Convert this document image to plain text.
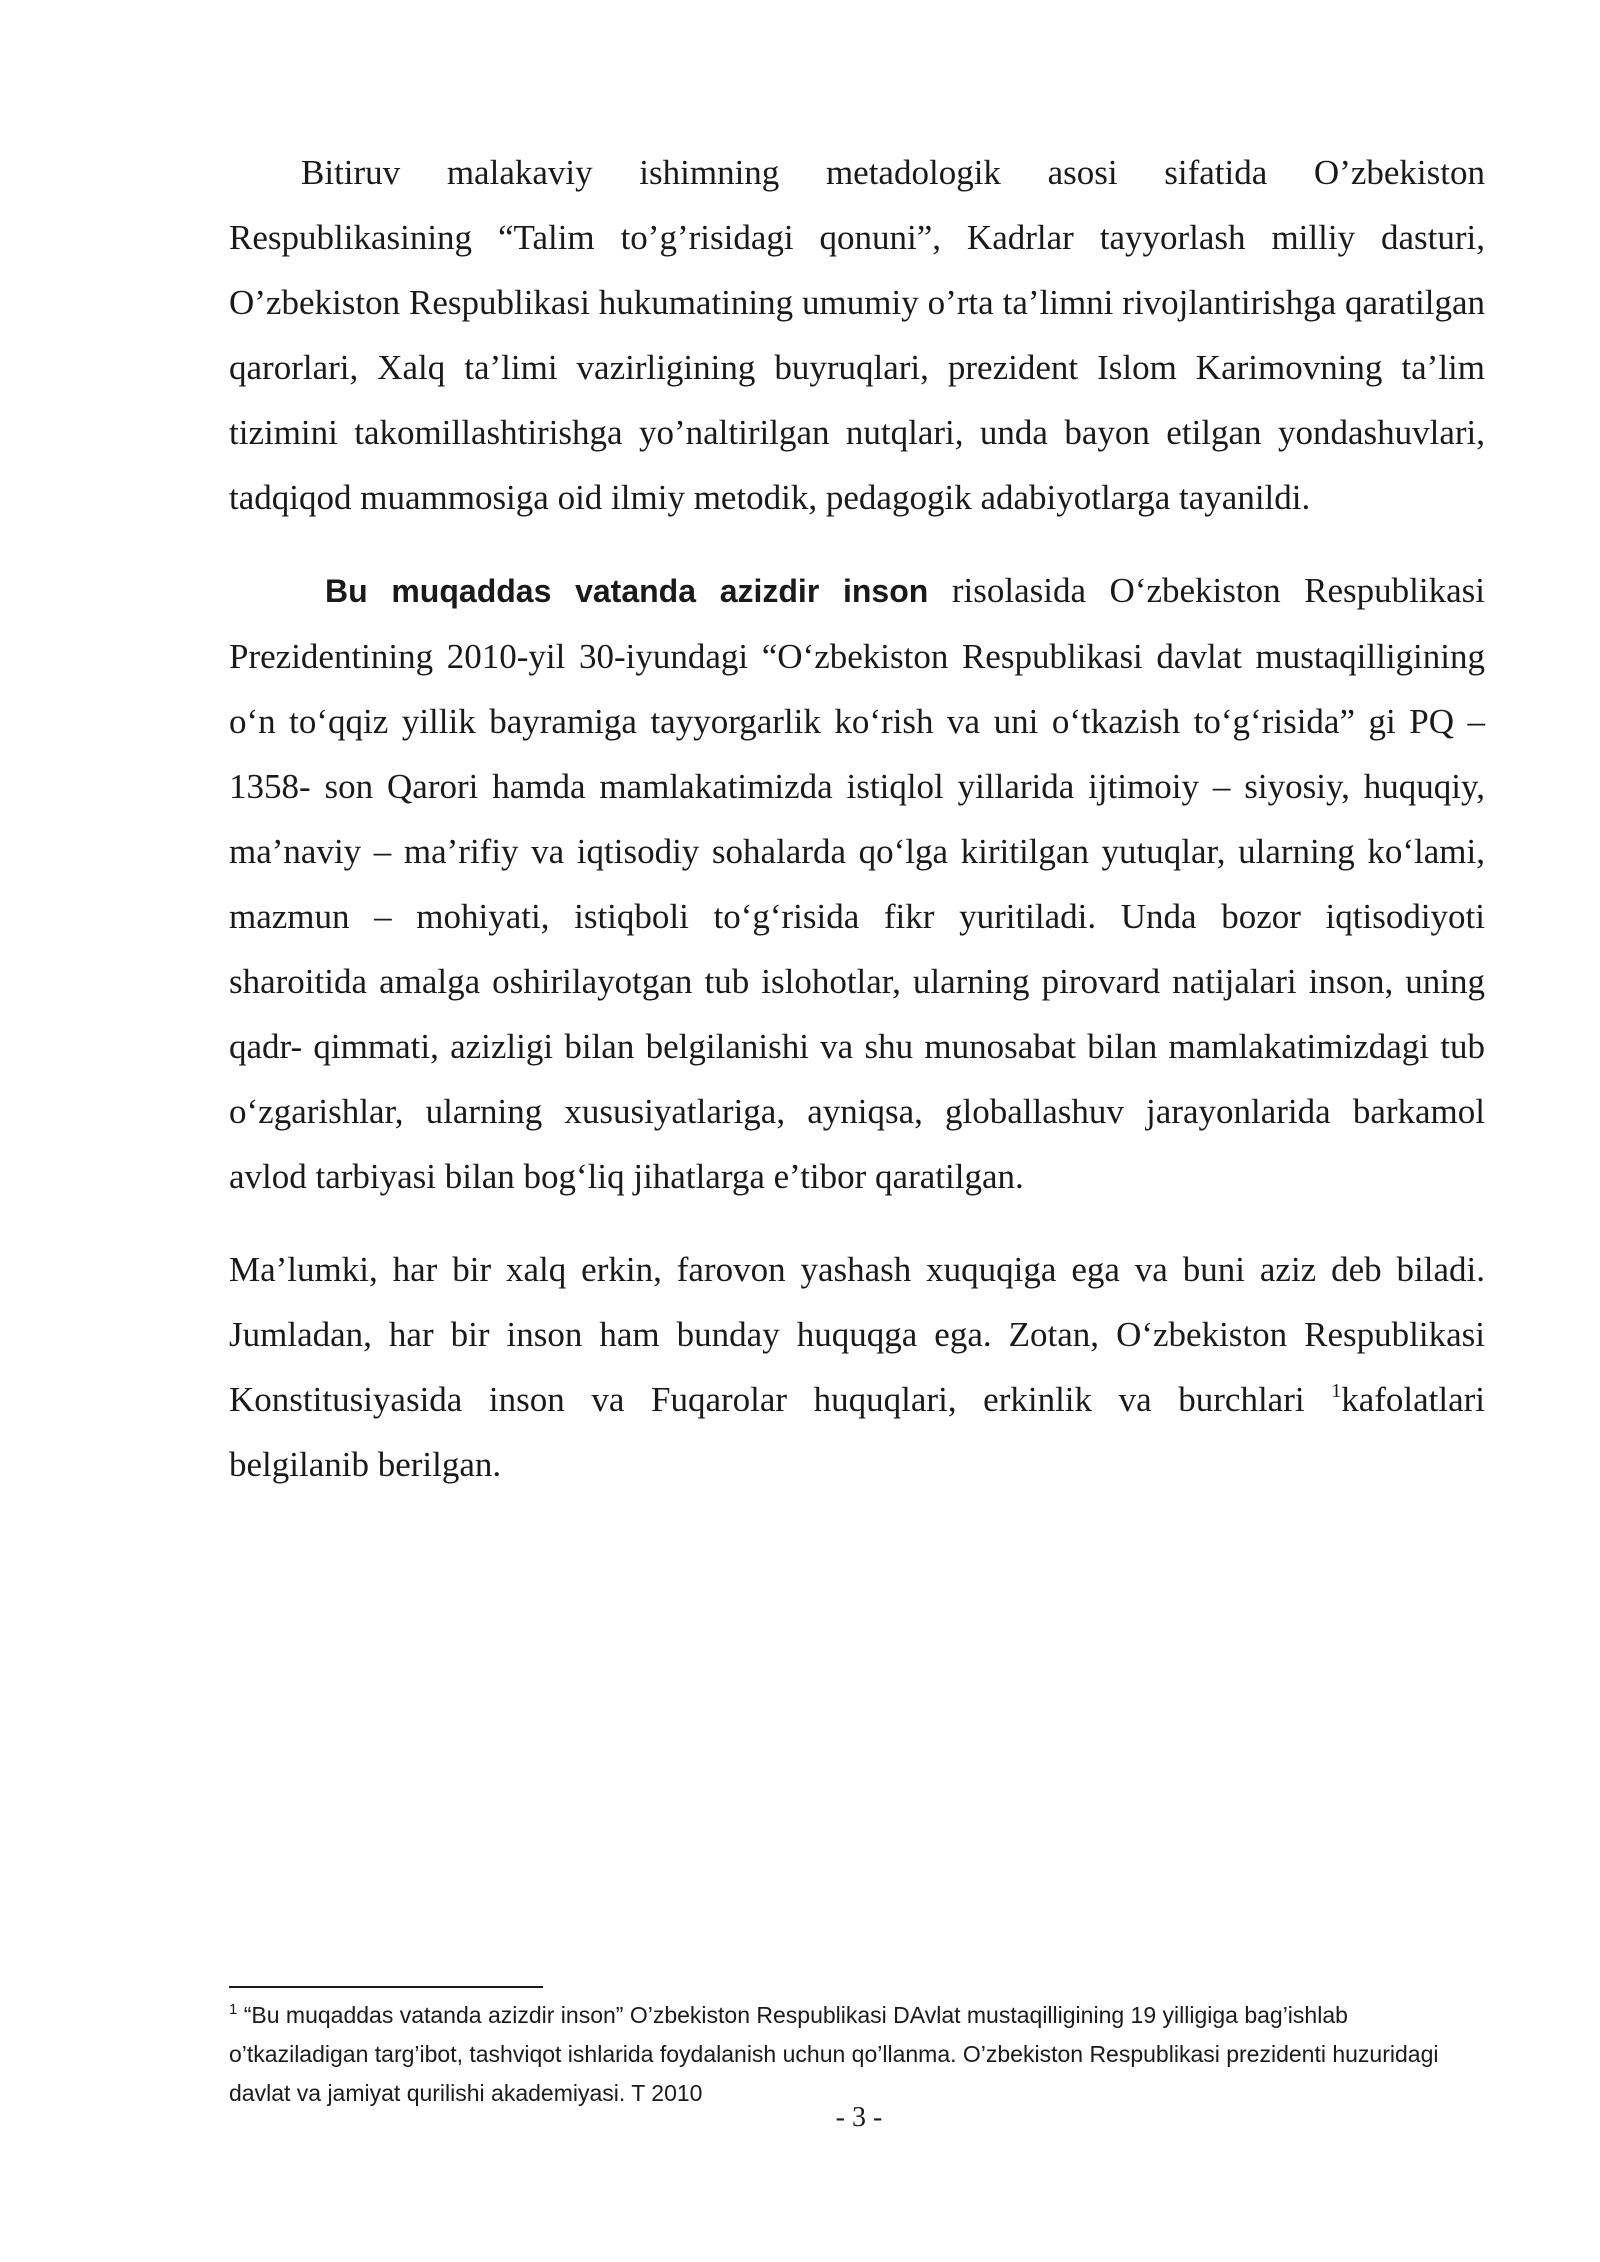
Bitiruv malakaviy ishimning metadologik asosi sifatida O’zbekiston Respublikasining “Talim to’g’risidagi qonuni”, Kadrlar tayyorlash milliy dasturi, O’zbekiston Respublikasi hukumatining umumiy o’rta ta’limni rivojlantirishga qaratilgan qarorlari, Xalq ta’limi vazirligining buyruqlari, prezident Islom Karimovning ta’lim tizimini takomillashtirishga yo’naltirilgan nutqlari, unda bayon etilgan yondashuvlari, tadqiqod muammosiga oid ilmiy metodik, pedagogik adabiyotlarga tayanildi.

Bu muqaddas vatanda azizdir inson risolasida O‘zbekiston Respublikasi Prezidentining 2010-yil 30-iyundagi “O‘zbekiston Respublikasi davlat mustaqilligining o‘n to‘qqiz yillik bayramiga tayyorgarlik ko‘rish va uni o‘tkazish to‘g‘risida” gi PQ – 1358- son Qarori hamda mamlakatimizda istiqlol yillarida ijtimoiy – siyosiy, huquqiy, ma’naviy – ma’rifiy va iqtisodiy sohalarda qo‘lga kiritilgan yutuqlar, ularning ko‘lami, mazmun – mohiyati, istiqboli to‘g‘risida fikr yuritiladi. Unda bozor iqtisodiyoti sharoitida amalga oshirilayotgan tub islohotlar, ularning pirovard natijalari inson, uning qadr- qimmati, azizligi bilan belgilanishi va shu munosabat bilan mamlakatimizdagi tub o‘zgarishlar, ularning xususiyatlariga, ayniqsa, globallashuv jarayonlarida barkamol avlod tarbiyasi bilan bog‘liq jihatlarga e’tibor qaratilgan.

Ma’lumki, har bir xalq erkin, farovon yashash xuquqiga ega va buni aziz deb biladi. Jumladan, har bir inson ham bunday huquqga ega. Zotan, O‘zbekiston Respublikasi Konstitusiyasida inson va Fuqarolar huquqlari, erkinlik va burchlari $^1$kafolatlari belgilanib berilgan.

$^1$ “Bu muqaddas vatanda azizdir inson” O’zbekiston Respublikasi DAvlat mustaqilligining 19 yilligiga bag’ishlab o’tkaziladigan targ’ibot, tashviqot ishlarida foydalanish uchun qo’llanma. O’zbekiston Respublikasi prezidenti huzuridagi davlat va jamiyat qurilishi akademiyasi. T 2010
- 3 -
